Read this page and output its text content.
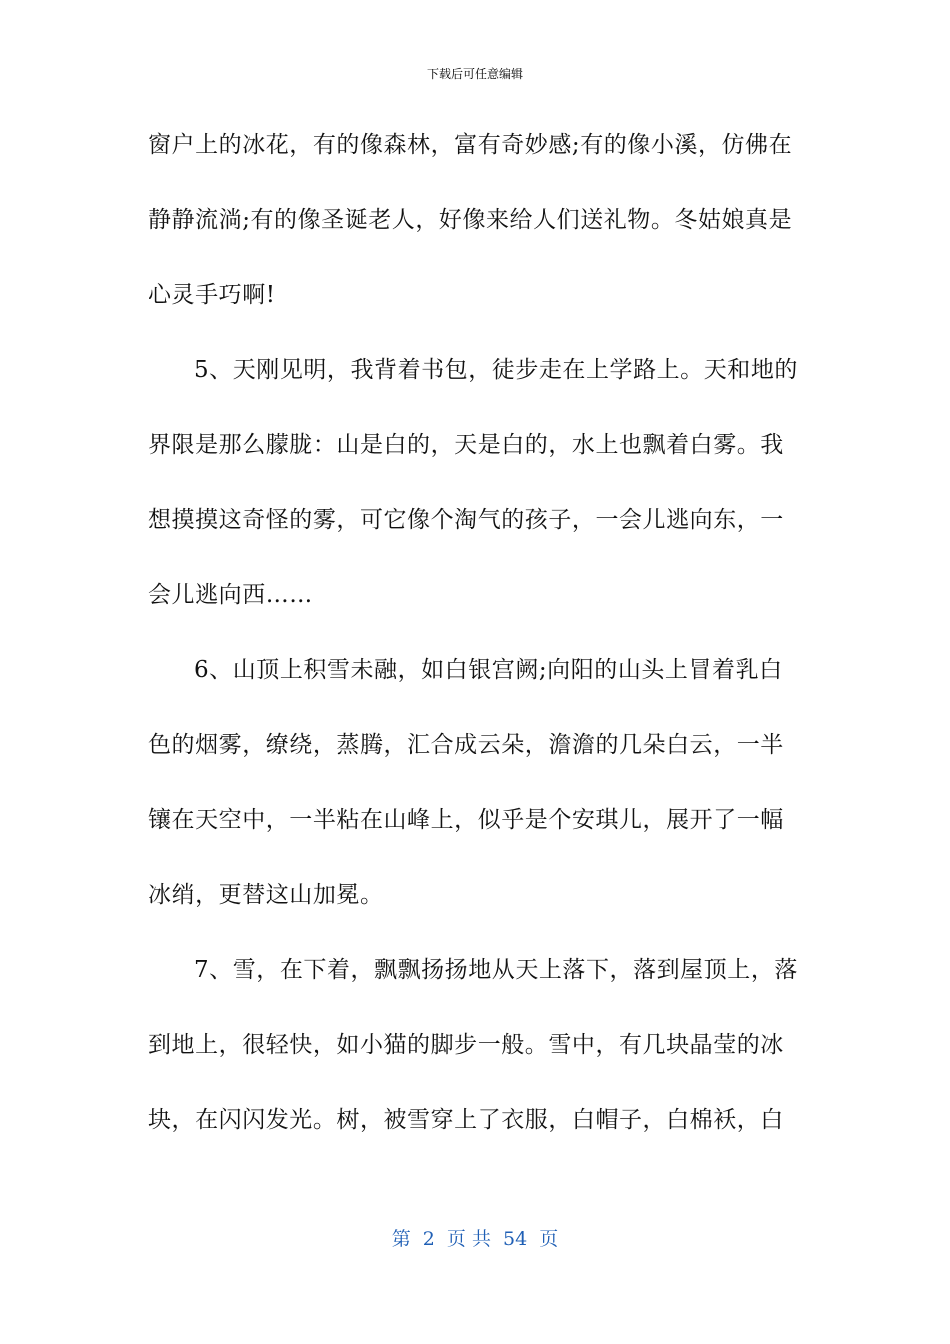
下载后可任意编辑
窗户上的冰花，有的像森林，富有奇妙感;有的像小溪，仿佛在
静静流淌;有的像圣诞老人，好像来给人们送礼物。冬姑娘真是
心灵手巧啊!
5、天刚见明，我背着书包，徒步走在上学路上。天和地的
界限是那么朦胧：山是白的，天是白的，水上也飘着白雾。我
想摸摸这奇怪的雾，可它像个淘气的孩子，一会儿逃向东，一
会儿逃向西……
6、山顶上积雪未融，如白银宫阙;向阳的山头上冒着乳白
色的烟雾，缭绕，蒸腾，汇合成云朵，澹澹的几朵白云，一半
镶在天空中，一半粘在山峰上，似乎是个安琪儿，展开了一幅
冰绡，更替这山加冕。
7、雪，在下着，飘飘扬扬地从天上落下，落到屋顶上，落
到地上，很轻快，如小猫的脚步一般。雪中，有几块晶莹的冰
块，在闪闪发光。树，被雪穿上了衣服，白帽子，白棉袄，白
第 2 页 共 54 页
